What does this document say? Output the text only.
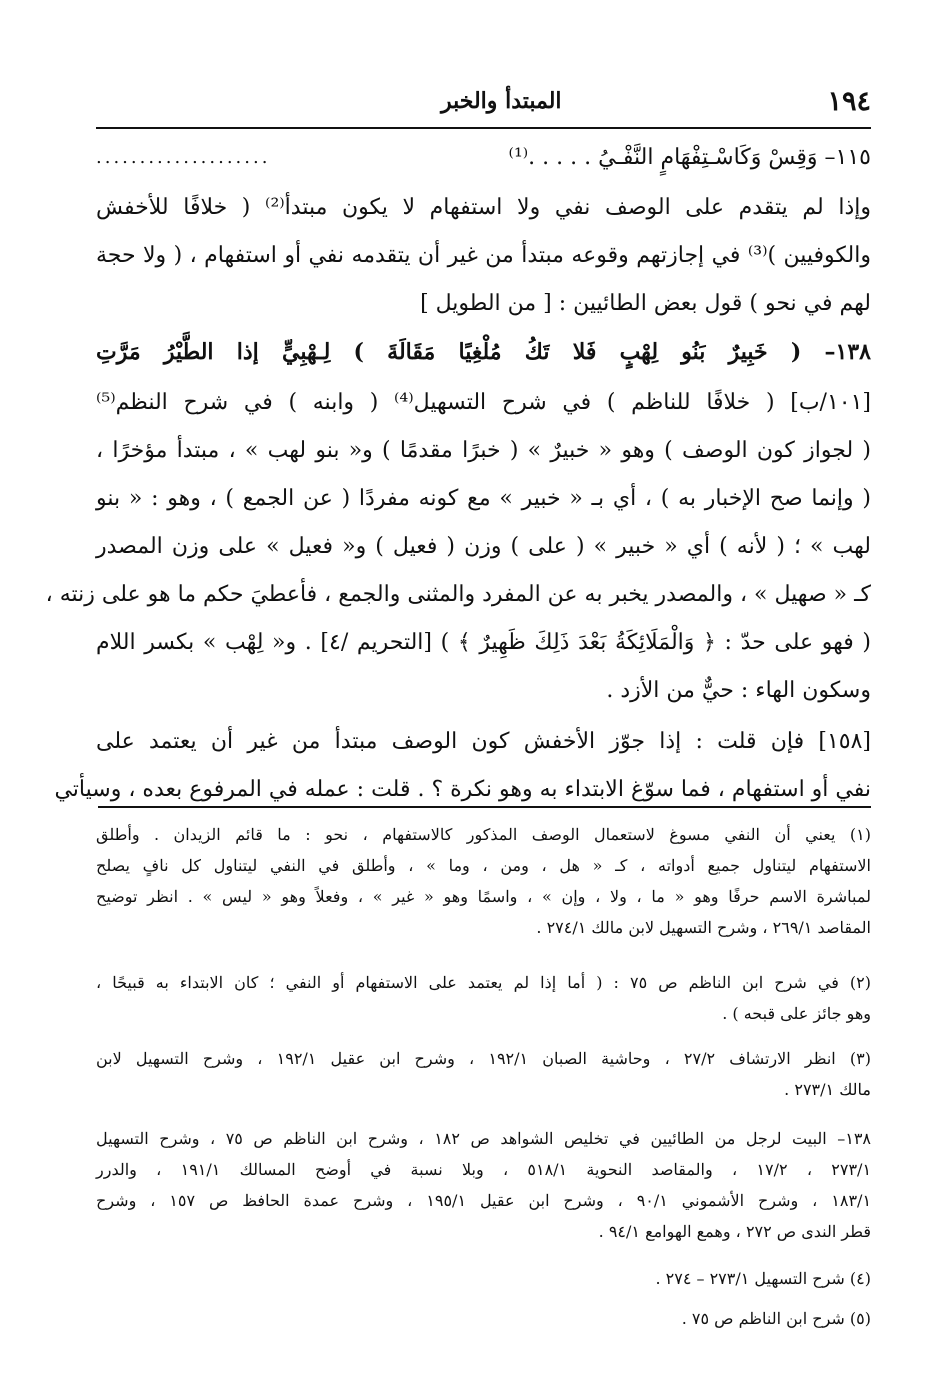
١٩٤
المبتدأ والخبر
١١٥– وَقِسْ وَكَاسْـتِفْهَامٍ النَّفْـيُ . . . . .⁽¹⁾
....................
وإذا لم يتقدم على الوصف نفي ولا استفهام لا يكون مبتدأ⁽²⁾ ( خلافًا للأخفش
والكوفيين )⁽³⁾ في إجازتهم وقوعه مبتدأ من غير أن يتقدمه نفي أو استفهام ، ( ولا حجة
لهم في نحو ) قول بعض الطائيين : [ من الطويل ]
١٣٨– ( خَبِيرٌ بَنُو لِهْبٍ فَلا تَكُ مُلْغِيًا مَقَالَةَ ) لِـهْبِيٍّ إذا الطَّيْرُ مَرَّتِ
[١٠١/ب] ( خلافًا للناظم ) في شرح التسهيل⁽⁴⁾ ( وابنه ) في شرح النظم⁽⁵⁾
( لجواز كون الوصف ) وهو « خبيرٌ » ( خبرًا مقدمًا ) و« بنو لهب » ، مبتدأ مؤخرًا ،
( وإنما صح الإخبار به ) ، أي بـ « خبير » مع كونه مفردًا ( عن الجمع ) ، وهو : « بنو
لهب » ؛ ( لأنه ) أي « خبير » ( على ) وزن ( فعيل ) و« فعيل » على وزن المصدر
كـ « صهيل » ، والمصدر يخبر به عن المفرد والمثنى والجمع ، فأعطيَ حكم ما هو على زنته ،
( فهو على حدّ : ﴿ وَالْمَلَائِكَةُ بَعْدَ ذَلِكَ ظَهِيرٌ ﴾ ) [التحريم /٤] . و« لِهْب » بكسر اللام
وسكون الهاء : حيٌّ من الأزد .
[١٥٨] فإن قلت : إذا جوّز الأخفش كون الوصف مبتدأ من غير أن يعتمد على
نفي أو استفهام ، فما سوّغ الابتداء به وهو نكرة ؟ . قلت : عمله في المرفوع بعده ، وسيأتي
(١) يعني أن النفي مسوغ لاستعمال الوصف المذكور كالاستفهام ، نحو : ما قائم الزيدان . وأطلق
الاستفهام ليتناول جميع أدواته ، كـ « هل ، ومن ، وما » ، وأطلق في النفي ليتناول كل نافٍ يصلح
لمباشرة الاسم حرفًا وهو « ما ، ولا ، وإن » ، واسمًا وهو « غير » ، وفعلاً وهو « ليس » . انظر توضيح
المقاصد ٢٦٩/١ ، وشرح التسهيل لابن مالك ٢٧٤/١ .
(٢) في شرح ابن الناظم ص ٧٥ : ( أما إذا لم يعتمد على الاستفهام أو النفي ؛ كان الابتداء به قبيحًا ،
وهو جائز على قبحه ) .
(٣) انظر الارتشاف ٢٧/٢ ، وحاشية الصبان ١٩٢/١ ، وشرح ابن عقيل ١٩٢/١ ، وشرح التسهيل لابن
مالك ٢٧٣/١ .
١٣٨– البيت لرجل من الطائيين في تخليص الشواهد ص ١٨٢ ، وشرح ابن الناظم ص ٧٥ ، وشرح التسهيل
٢٧٣/١ ، ١٧/٢ ، والمقاصد النحوية ٥١٨/١ ، وبلا نسبة في أوضح المسالك ١٩١/١ ، والدرر
١٨٣/١ ، وشرح الأشموني ٩٠/١ ، وشرح ابن عقيل ١٩٥/١ ، وشرح عمدة الحافظ ص ١٥٧ ، وشرح
قطر الندى ص ٢٧٢ ، وهمع الهوامع ٩٤/١ .
(٤) شرح التسهيل ٢٧٣/١ – ٢٧٤ .
(٥) شرح ابن الناظم ص ٧٥ .
